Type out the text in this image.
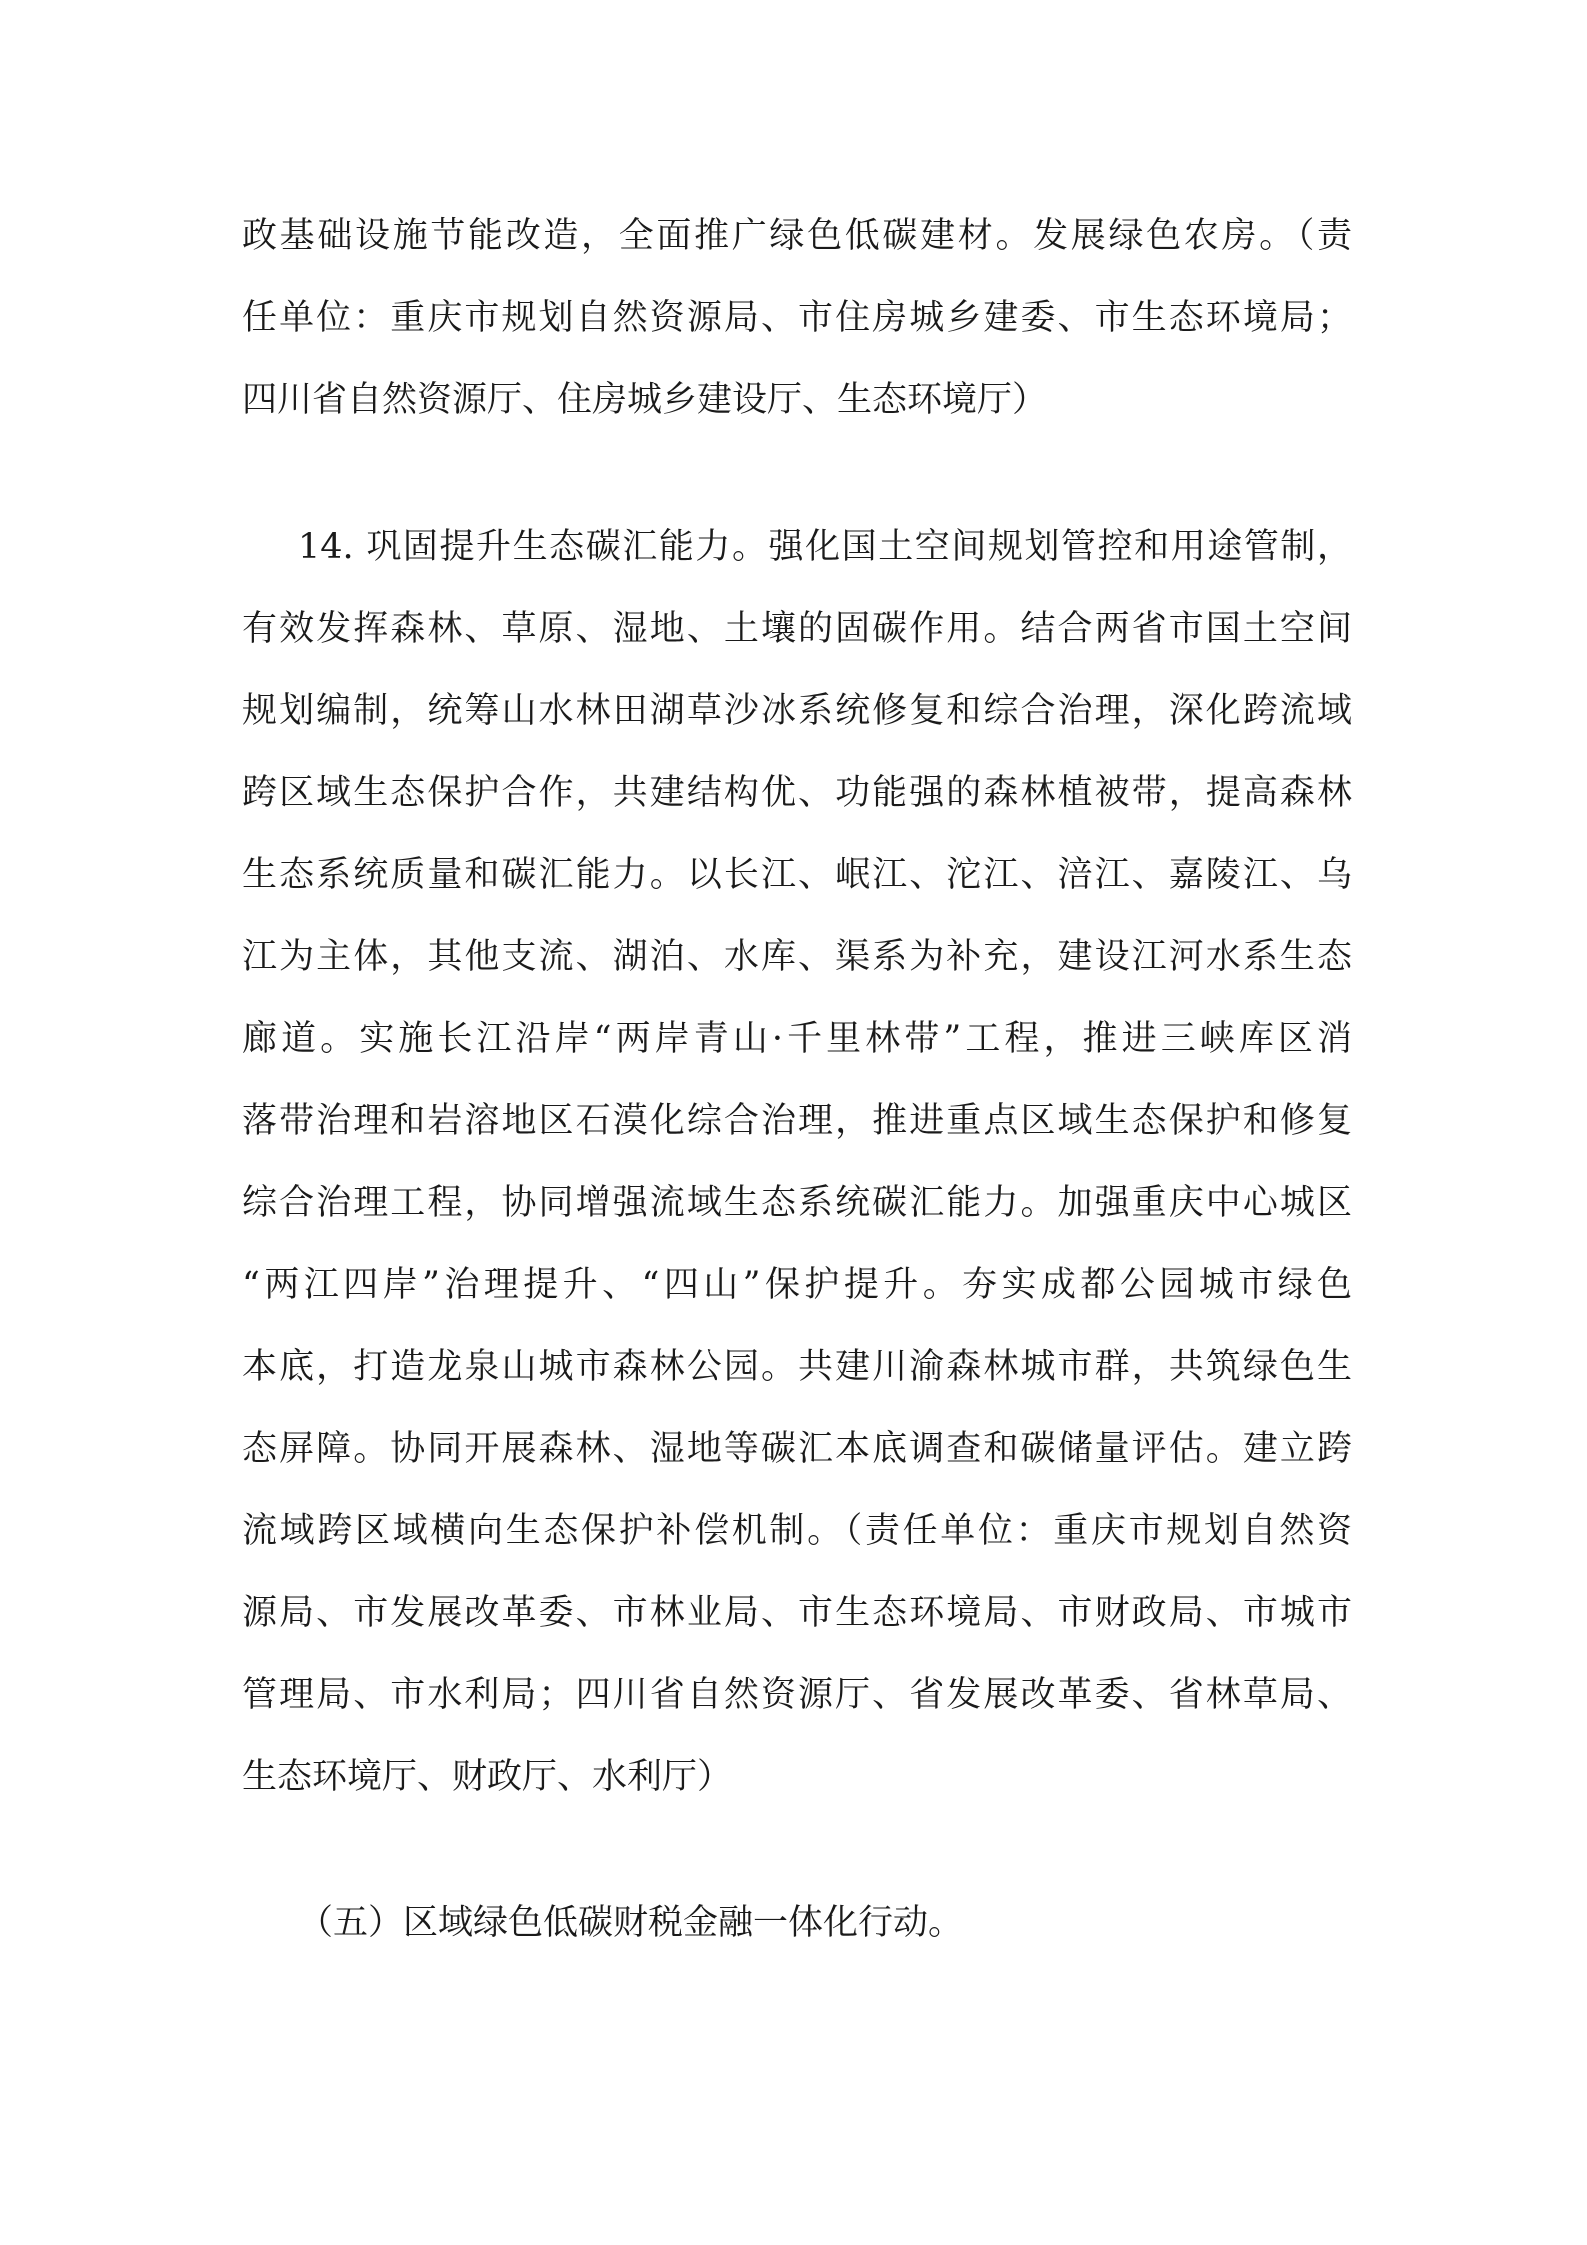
政基础设施节能改造，全面推广绿色低碳建材。发展绿色农房。（责
任单位：重庆市规划自然资源局、市住房城乡建委、市生态环境局；
四川省自然资源厅、住房城乡建设厅、生态环境厅）
14. 巩固提升生态碳汇能力。强化国土空间规划管控和用途管制，
有效发挥森林、草原、湿地、土壤的固碳作用。结合两省市国土空间
规划编制，统筹山水林田湖草沙冰系统修复和综合治理，深化跨流域
跨区域生态保护合作，共建结构优、功能强的森林植被带，提高森林
生态系统质量和碳汇能力。以长江、岷江、沱江、涪江、嘉陵江、乌
江为主体，其他支流、湖泊、水库、渠系为补充，建设江河水系生态
廊道。实施长江沿岸“两岸青山·千里林带”工程，推进三峡库区消
落带治理和岩溶地区石漠化综合治理，推进重点区域生态保护和修复
综合治理工程，协同增强流域生态系统碳汇能力。加强重庆中心城区
“两江四岸”治理提升、“四山”保护提升。夯实成都公园城市绿色
本底，打造龙泉山城市森林公园。共建川渝森林城市群，共筑绿色生
态屏障。协同开展森林、湿地等碳汇本底调查和碳储量评估。建立跨
流域跨区域横向生态保护补偿机制。（责任单位：重庆市规划自然资
源局、市发展改革委、市林业局、市生态环境局、市财政局、市城市
管理局、市水利局；四川省自然资源厅、省发展改革委、省林草局、
生态环境厅、财政厅、水利厅）
（五）区域绿色低碳财税金融一体化行动。
